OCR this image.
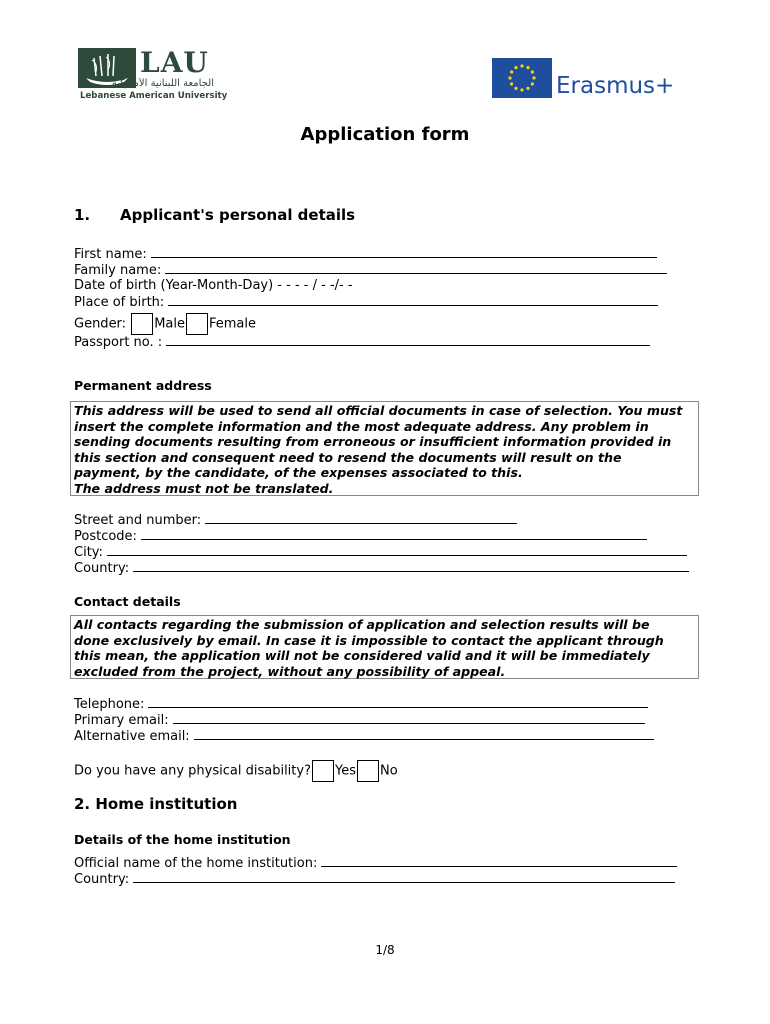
LAU
الجامعة اللبنانية الأميركية
Lebanese American University	Erasmus+
Application form
1. Applicant's personal details
First name:
Family name:
Date of birth (Year-Month-Day) - - - - / - -/- -
Place of birth:
Gender: Male Female
Passport no. :
Permanent address
This address will be used to send all official documents in case of selection. You must
insert the complete information and the most adequate address. Any problem in
sending documents resulting from erroneous or insufficient information provided in
this section and consequent need to resend the documents will result on the
payment, by the candidate, of the expenses associated to this.
The address must not be translated.
Street and number:
Postcode:
City:
Country:
Contact details
All contacts regarding the submission of application and selection results will be
done exclusively by email. In case it is impossible to contact the applicant through
this mean, the application will not be considered valid and it will be immediately
excluded from the project, without any possibility of appeal.
Telephone:
Primary email:
Alternative email:
Do you have any physical disability? Yes No
2. Home institution
Details of the home institution
Official name of the home institution:
Country:
1/8
